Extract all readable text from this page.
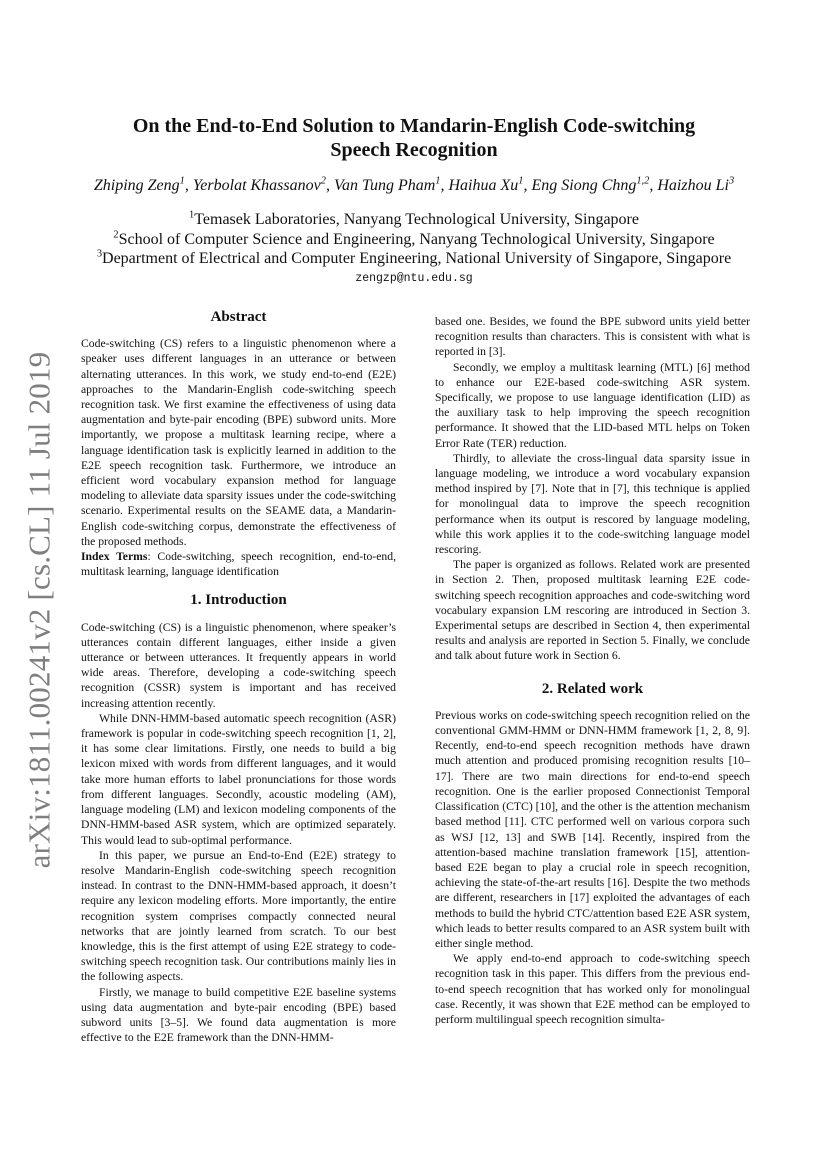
arXiv:1811.00241v2 [cs.CL] 11 Jul 2019
On the End-to-End Solution to Mandarin-English Code-switching
Speech Recognition
Zhiping Zeng$^1$, Yerbolat Khassanov$^2$, Van Tung Pham$^1$, Haihua Xu$^1$, Eng Siong Chng$^{1,2}$, Haizhou Li$^3$
$^1$Temasek Laboratories, Nanyang Technological University, Singapore
$^2$School of Computer Science and Engineering, Nanyang Technological University, Singapore
$^3$Department of Electrical and Computer Engineering, National University of Singapore, Singapore
zengzp@ntu.edu.sg
Abstract

Code-switching (CS) refers to a linguistic phenomenon where a speaker uses different languages in an utterance or between alternating utterances. In this work, we study end-to-end (E2E) approaches to the Mandarin-English code-switching speech recognition task. We first examine the effectiveness of using data augmentation and byte-pair encoding (BPE) subword units. More importantly, we propose a multitask learning recipe, where a language identification task is explicitly learned in addition to the E2E speech recognition task. Furthermore, we introduce an efficient word vocabulary expansion method for language modeling to alleviate data sparsity issues under the code-switching scenario. Experimental results on the SEAME data, a Mandarin-English code-switching corpus, demonstrate the effectiveness of the proposed methods.

Index Terms: Code-switching, speech recognition, end-to-end, multitask learning, language identification

1. Introduction

Code-switching (CS) is a linguistic phenomenon, where speaker’s utterances contain different languages, either inside a given utterance or between utterances. It frequently appears in world wide areas. Therefore, developing a code-switching speech recognition (CSSR) system is important and has received increasing attention recently.

While DNN-HMM-based automatic speech recognition (ASR) framework is popular in code-switching speech recognition [1, 2], it has some clear limitations. Firstly, one needs to build a big lexicon mixed with words from different languages, and it would take more human efforts to label pronunciations for those words from different languages. Secondly, acoustic modeling (AM), language modeling (LM) and lexicon modeling components of the DNN-HMM-based ASR system, which are optimized separately. This would lead to sub-optimal performance.

In this paper, we pursue an End-to-End (E2E) strategy to resolve Mandarin-English code-switching speech recognition instead. In contrast to the DNN-HMM-based approach, it doesn’t require any lexicon modeling efforts. More importantly, the entire recognition system comprises compactly connected neural networks that are jointly learned from scratch. To our best knowledge, this is the first attempt of using E2E strategy to code-switching speech recognition task. Our contributions mainly lies in the following aspects.

Firstly, we manage to build competitive E2E baseline systems using data augmentation and byte-pair encoding (BPE) based subword units [3–5]. We found data augmentation is more effective to the E2E framework than the DNN-HMM-

based one. Besides, we found the BPE subword units yield better recognition results than characters. This is consistent with what is reported in [3].

Secondly, we employ a multitask learning (MTL) [6] method to enhance our E2E-based code-switching ASR system. Specifically, we propose to use language identification (LID) as the auxiliary task to help improving the speech recognition performance. It showed that the LID-based MTL helps on Token Error Rate (TER) reduction.

Thirdly, to alleviate the cross-lingual data sparsity issue in language modeling, we introduce a word vocabulary expansion method inspired by [7]. Note that in [7], this technique is applied for monolingual data to improve the speech recognition performance when its output is rescored by language modeling, while this work applies it to the code-switching language model rescoring.

The paper is organized as follows. Related work are presented in Section 2. Then, proposed multitask learning E2E code-switching speech recognition approaches and code-switching word vocabulary expansion LM rescoring are introduced in Section 3. Experimental setups are described in Section 4, then experimental results and analysis are reported in Section 5. Finally, we conclude and talk about future work in Section 6.

2. Related work

Previous works on code-switching speech recognition relied on the conventional GMM-HMM or DNN-HMM framework [1, 2, 8, 9]. Recently, end-to-end speech recognition methods have drawn much attention and produced promising recognition results [10–17]. There are two main directions for end-to-end speech recognition. One is the earlier proposed Connectionist Temporal Classification (CTC) [10], and the other is the attention mechanism based method [11]. CTC performed well on various corpora such as WSJ [12, 13] and SWB [14]. Recently, inspired from the attention-based machine translation framework [15], attention-based E2E began to play a crucial role in speech recognition, achieving the state-of-the-art results [16]. Despite the two methods are different, researchers in [17] exploited the advantages of each methods to build the hybrid CTC/attention based E2E ASR system, which leads to better results compared to an ASR system built with either single method.

We apply end-to-end approach to code-switching speech recognition task in this paper. This differs from the previous end-to-end speech recognition that has worked only for monolingual case. Recently, it was shown that E2E method can be employed to perform multilingual speech recognition simulta-
